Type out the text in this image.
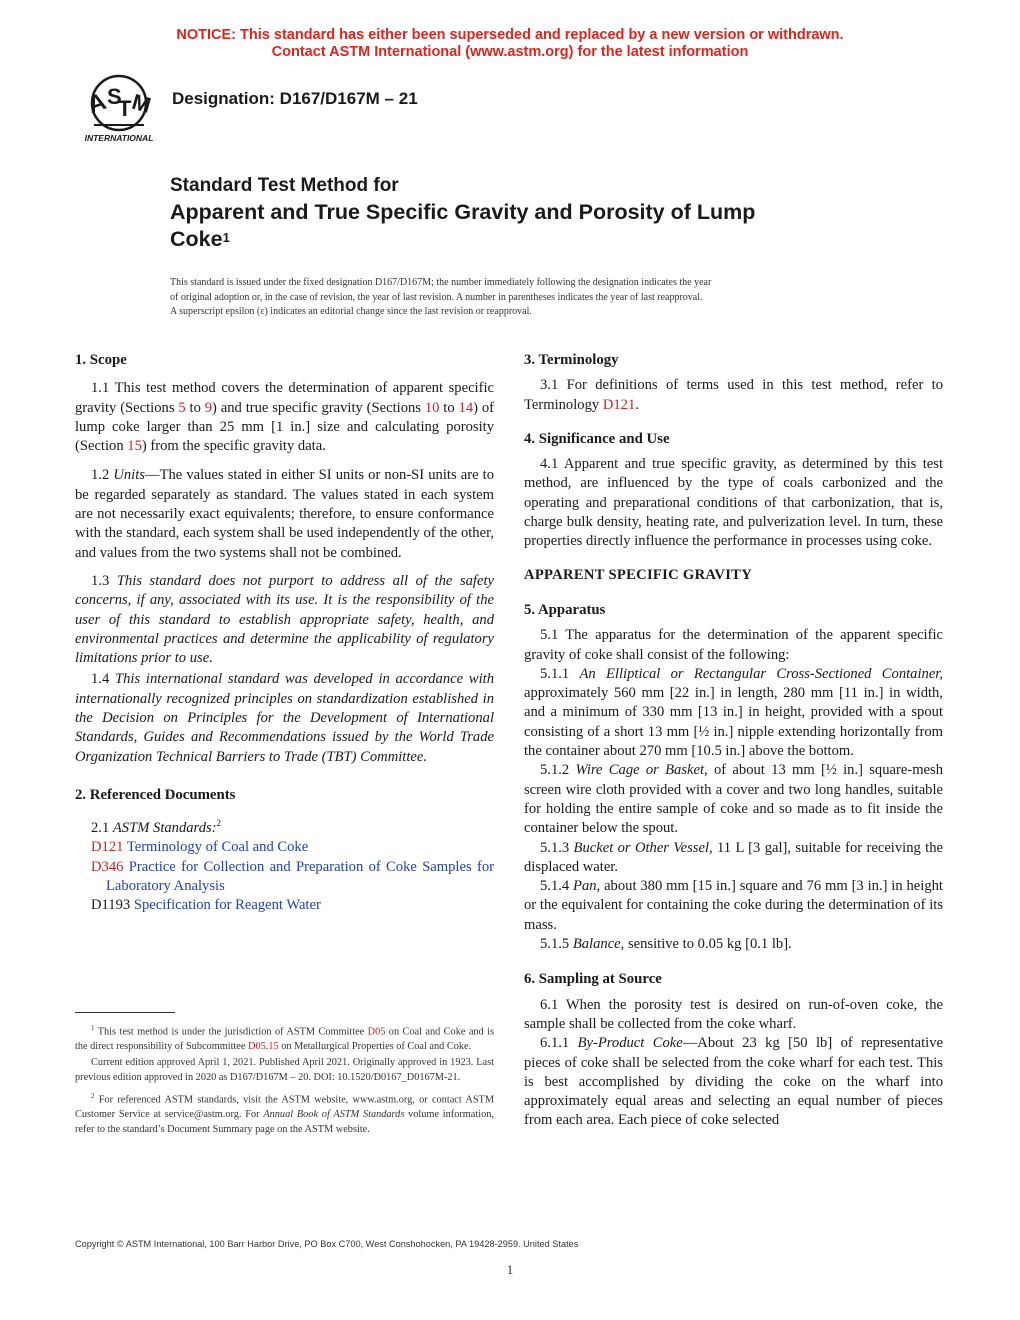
NOTICE: This standard has either been superseded and replaced by a new version or withdrawn.
Contact ASTM International (www.astm.org) for the latest information
A
S
T
M
INTERNATIONAL
Designation: D167/D167M – 21
Standard Test Method for
Apparent and True Specific Gravity and Porosity of Lump
Coke$^1$
This standard is issued under the fixed designation D167/D167M; the number immediately following the designation indicates the year
of original adoption or, in the case of revision, the year of last revision. A number in parentheses indicates the year of last reapproval.
A superscript epsilon (ε) indicates an editorial change since the last revision or reapproval.

1. Scope

1.1 This test method covers the determination of apparent specific gravity (Sections 5 to 9) and true specific gravity (Sections 10 to 14) of lump coke larger than 25 mm [1 in.] size and calculating porosity (Section 15) from the specific gravity data.

1.2 Units—The values stated in either SI units or non-SI units are to be regarded separately as standard. The values stated in each system are not necessarily exact equivalents; therefore, to ensure conformance with the standard, each system shall be used independently of the other, and values from the two systems shall not be combined.

1.3 This standard does not purport to address all of the safety concerns, if any, associated with its use. It is the responsibility of the user of this standard to establish appropriate safety, health, and environmental practices and determine the applicability of regulatory limitations prior to use.

1.4 This international standard was developed in accordance with internationally recognized principles on standardization established in the Decision on Principles for the Development of International Standards, Guides and Recommendations issued by the World Trade Organization Technical Barriers to Trade (TBT) Committee.

2. Referenced Documents

2.1 ASTM Standards:$^2$

D121 Terminology of Coal and Coke

D346 Practice for Collection and Preparation of Coke Samples for Laboratory Analysis

D1193 Specification for Reagent Water

$^1$ This test method is under the jurisdiction of ASTM Committee D05 on Coal and Coke and is the direct responsibility of Subcommittee D05.15 on Metallurgical Properties of Coal and Coke.

Current edition approved April 1, 2021. Published April 2021. Originally approved in 1923. Last previous edition approved in 2020 as D167/D167M – 20. DOI: 10.1520/D0167_D0167M-21.

$^2$ For referenced ASTM standards, visit the ASTM website, www.astm.org, or contact ASTM Customer Service at service@astm.org. For Annual Book of ASTM Standards volume information, refer to the standard’s Document Summary page on the ASTM website.

3. Terminology

3.1 For definitions of terms used in this test method, refer to Terminology D121.

4. Significance and Use

4.1 Apparent and true specific gravity, as determined by this test method, are influenced by the type of coals carbonized and the operating and preparational conditions of that carbonization, that is, charge bulk density, heating rate, and pulverization level. In turn, these properties directly influence the performance in processes using coke.

APPARENT SPECIFIC GRAVITY

5. Apparatus

5.1 The apparatus for the determination of the apparent specific gravity of coke shall consist of the following:

5.1.1 An Elliptical or Rectangular Cross-Sectioned Container, approximately 560 mm [22 in.] in length, 280 mm [11 in.] in width, and a minimum of 330 mm [13 in.] in height, provided with a spout consisting of a short 13 mm [½ in.] nipple extending horizontally from the container about 270 mm [10.5 in.] above the bottom.

5.1.2 Wire Cage or Basket, of about 13 mm [½ in.] square-mesh screen wire cloth provided with a cover and two long handles, suitable for holding the entire sample of coke and so made as to fit inside the container below the spout.

5.1.3 Bucket or Other Vessel, 11 L [3 gal], suitable for receiving the displaced water.

5.1.4 Pan, about 380 mm [15 in.] square and 76 mm [3 in.] in height or the equivalent for containing the coke during the determination of its mass.

5.1.5 Balance, sensitive to 0.05 kg [0.1 lb].

6. Sampling at Source

6.1 When the porosity test is desired on run-of-oven coke, the sample shall be collected from the coke wharf.

6.1.1 By-Product Coke—About 23 kg [50 lb] of representative pieces of coke shall be selected from the coke wharf for each test. This is best accomplished by dividing the coke on the wharf into approximately equal areas and selecting an equal number of pieces from each area. Each piece of coke selected

Copyright © ASTM International, 100 Barr Harbor Drive, PO Box C700, West Conshohocken, PA 19428-2959. United States
1
